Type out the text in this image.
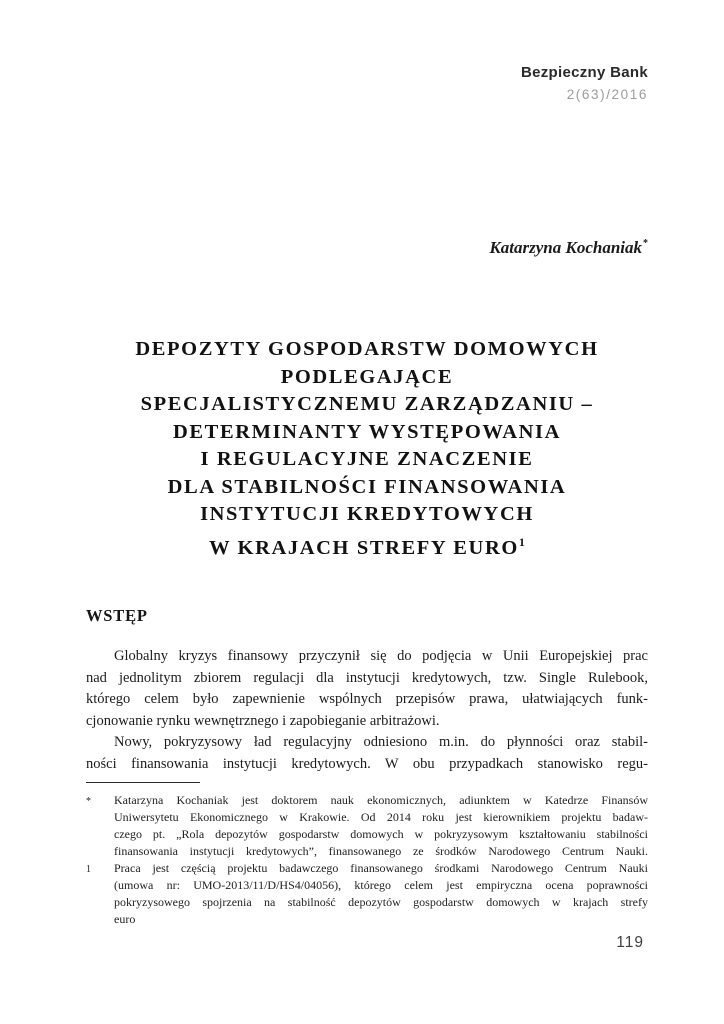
Bezpieczny Bank
2(63)/2016
Katarzyna Kochaniak*
DEPOZYTY GOSPODARSTW DOMOWYCH
PODLEGAJĄCE
SPECJALISTYCZNEMU ZARZĄDZANIU –
DETERMINANTY WYSTĘPOWANIA
I REGULACYJNE ZNACZENIE
DLA STABILNOŚCI FINANSOWANIA
INSTYTUCJI KREDYTOWYCH
W KRAJACH STREFY EURO$^1$
WSTĘP

Globalny kryzys finansowy przyczynił się do podjęcia w Unii Europejskiej prac
nad jednolitym zbiorem regulacji dla instytucji kredytowych, tzw. Single Rulebook,
którego celem było zapewnienie wspólnych przepisów prawa, ułatwiających funk-
cjonowanie rynku wewnętrznego i zapobieganie arbitrażowi.

Nowy, pokryzysowy ład regulacyjny odniesiono m.in. do płynności oraz stabil-
ności finansowania instytucji kredytowych. W obu przypadkach stanowisko regu-

*	Katarzyna Kochaniak jest doktorem nauk ekonomicznych, adiunktem w Katedrze Finansów
Uniwersytetu Ekonomicznego w Krakowie. Od 2014 roku jest kierownikiem projektu badaw-
czego pt. „Rola depozytów gospodarstw domowych w pokryzysowym kształtowaniu stabilności
finansowania instytucji kredytowych”, finansowanego ze środków Narodowego Centrum Nauki.
1	Praca jest częścią projektu badawczego finansowanego środkami Narodowego Centrum Nauki
(umowa nr: UMO-2013/11/D/HS4/04056), którego celem jest empiryczna ocena poprawności
pokryzysowego spojrzenia na stabilność depozytów gospodarstw domowych w krajach strefy
euro
119
